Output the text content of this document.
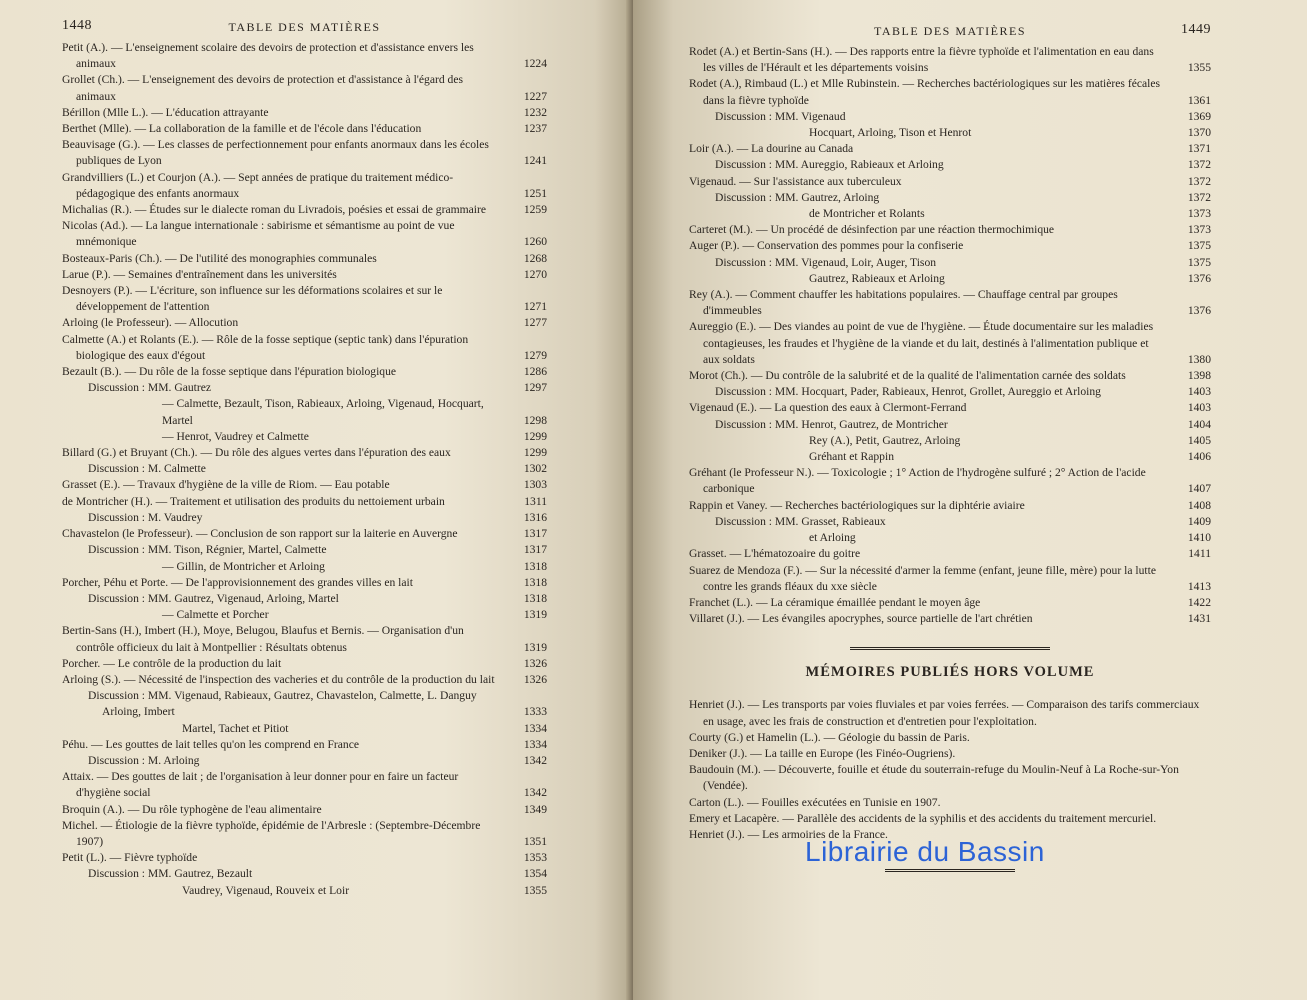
1448	TABLE DES MATIÈRES
Petit (A.). — L'enseignement scolaire des devoirs de protection et d'assistance envers les animaux	1224
Grollet (Ch.). — L'enseignement des devoirs de protection et d'assistance à l'égard des animaux	1227
Bérillon (Mlle L.). — L'éducation attrayante	1232
Berthet (Mlle). — La collaboration de la famille et de l'école dans l'éducation	1237
Beauvisage (G.). — Les classes de perfectionnement pour enfants anormaux dans les écoles publiques de Lyon	1241
Grandvilliers (L.) et Courjon (A.). — Sept années de pratique du traitement médico-pédagogique des enfants anormaux	1251
Michalias (R.). — Études sur le dialecte roman du Livradois, poésies et essai de grammaire	1259
Nicolas (Ad.). — La langue internationale : sabirisme et sémantisme au point de vue mnémonique	1260
Bosteaux-Paris (Ch.). — De l'utilité des monographies communales	1268
Larue (P.). — Semaines d'entraînement dans les universités	1270
Desnoyers (P.). — L'écriture, son influence sur les déformations scolaires et sur le développement de l'attention	1271
Arloing (le Professeur). — Allocution	1277
Calmette (A.) et Rolants (E.). — Rôle de la fosse septique (septic tank) dans l'épuration biologique des eaux d'égout	1279
Bezault (B.). — Du rôle de la fosse septique dans l'épuration biologique	1286
Discussion : MM. Gautrez	1297
— Calmette, Bezault, Tison, Rabieaux, Arloing, Vigenaud, Hocquart, Martel	1298
— Henrot, Vaudrey et Calmette	1299
Billard (G.) et Bruyant (Ch.). — Du rôle des algues vertes dans l'épuration des eaux	1299
Discussion : M. Calmette	1302
Grasset (E.). — Travaux d'hygiène de la ville de Riom. — Eau potable	1303
de Montricher (H.). — Traitement et utilisation des produits du nettoiement urbain	1311
Discussion : M. Vaudrey	1316
Chavastelon (le Professeur). — Conclusion de son rapport sur la laiterie en Auvergne	1317
Discussion : MM. Tison, Régnier, Martel, Calmette	1317
— Gillin, de Montricher et Arloing	1318
Porcher, Péhu et Porte. — De l'approvisionnement des grandes villes en lait	1318
Discussion : MM. Gautrez, Vigenaud, Arloing, Martel	1318
— Calmette et Porcher	1319
Bertin-Sans (H.), Imbert (H.), Moye, Belugou, Blaufus et Bernis. — Organisation d'un contrôle officieux du lait à Montpellier : Résultats obtenus	1319
Porcher. — Le contrôle de la production du lait	1326
Arloing (S.). — Nécessité de l'inspection des vacheries et du contrôle de la production du lait	1326
Discussion : MM. Vigenaud, Rabieaux, Gautrez, Chavastelon, Calmette, L. Danguy Arloing, Imbert	1333
Martel, Tachet et Pitiot	1334
Péhu. — Les gouttes de lait telles qu'on les comprend en France	1334
Discussion : M. Arloing	1342
Attaix. — Des gouttes de lait ; de l'organisation à leur donner pour en faire un facteur d'hygiène social	1342
Broquin (A.). — Du rôle typhogène de l'eau alimentaire	1349
Michel. — Étiologie de la fièvre typhoïde, épidémie de l'Arbresle : (Septembre-Décembre 1907)	1351
Petit (L.). — Fièvre typhoïde	1353
Discussion : MM. Gautrez, Bezault	1354
Vaudrey, Vigenaud, Rouveix et Loir	1355
TABLE DES MATIÈRES	1449
Rodet (A.) et Bertin-Sans (H.). — Des rapports entre la fièvre typhoïde et l'alimentation en eau dans les villes de l'Hérault et les départements voisins	1355
Rodet (A.), Rimbaud (L.) et Mlle Rubinstein. — Recherches bactériologiques sur les matières fécales dans la fièvre typhoïde	1361
Discussion : MM. Vigenaud	1369
Hocquart, Arloing, Tison et Henrot	1370
Loir (A.). — La dourine au Canada	1371
Discussion : MM. Aureggio, Rabieaux et Arloing	1372
Vigenaud. — Sur l'assistance aux tuberculeux	1372
Discussion : MM. Gautrez, Arloing	1372
de Montricher et Rolants	1373
Carteret (M.). — Un procédé de désinfection par une réaction thermochimique	1373
Auger (P.). — Conservation des pommes pour la confiserie	1375
Discussion : MM. Vigenaud, Loir, Auger, Tison	1375
Gautrez, Rabieaux et Arloing	1376
Rey (A.). — Comment chauffer les habitations populaires. — Chauffage central par groupes d'immeubles	1376
Aureggio (E.). — Des viandes au point de vue de l'hygiène. — Étude documentaire sur les maladies contagieuses, les fraudes et l'hygiène de la viande et du lait, destinés à l'alimentation publique et aux soldats	1380
Morot (Ch.). — Du contrôle de la salubrité et de la qualité de l'alimentation carnée des soldats	1398
Discussion : MM. Hocquart, Pader, Rabieaux, Henrot, Grollet, Aureggio et Arloing	1403
Vigenaud (E.). — La question des eaux à Clermont-Ferrand	1403
Discussion : MM. Henrot, Gautrez, de Montricher	1404
Rey (A.), Petit, Gautrez, Arloing	1405
Gréhant et Rappin	1406
Gréhant (le Professeur N.). — Toxicologie ; 1° Action de l'hydrogène sulfuré ; 2° Action de l'acide carbonique	1407
Rappin et Vaney. — Recherches bactériologiques sur la diphtérie aviaire	1408
Discussion : MM. Grasset, Rabieaux	1409
et Arloing	1410
Grasset. — L'hématozoaire du goitre	1411
Suarez de Mendoza (F.). — Sur la nécessité d'armer la femme (enfant, jeune fille, mère) pour la lutte contre les grands fléaux du xxe siècle	1413
Franchet (L.). — La céramique émaillée pendant le moyen âge	1422
Villaret (J.). — Les évangiles apocryphes, source partielle de l'art chrétien	1431
MÉMOIRES PUBLIÉS HORS VOLUME
Henriet (J.). — Les transports par voies fluviales et par voies ferrées. — Comparaison des tarifs commerciaux en usage, avec les frais de construction et d'entretien pour l'exploitation.
Courty (G.) et Hamelin (L.). — Géologie du bassin de Paris.
Deniker (J.). — La taille en Europe (les Finéo-Ougriens).
Baudouin (M.). — Découverte, fouille et étude du souterrain-refuge du Moulin-Neuf à La Roche-sur-Yon (Vendée).
Carton (L.). — Fouilles exécutées en Tunisie en 1907.
Emery et Lacapère. — Parallèle des accidents de la syphilis et des accidents du traitement mercuriel.
Henriet (J.). — Les armoiries de la France.
Librairie du Bassin
